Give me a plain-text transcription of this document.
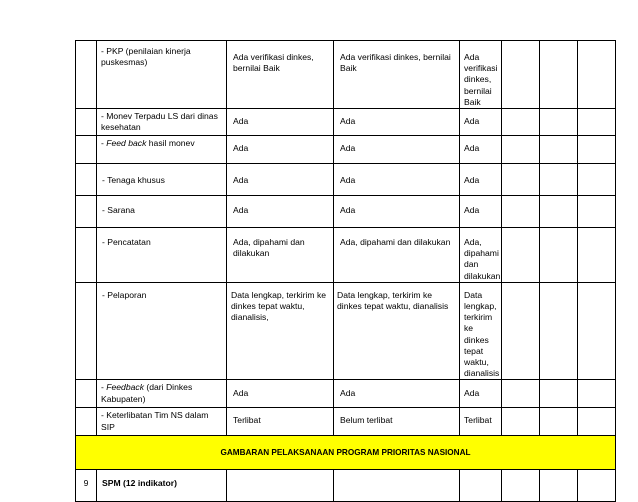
	- PKP (penilaian kinerja puskesmas)	Ada verifikasi dinkes, bernilai Baik	Ada verifikasi dinkes, bernilai Baik	Ada verifikasi dinkes, bernilai Baik			
	- Monev Terpadu LS dari dinas kesehatan	Ada	Ada	Ada			
	- Feed back hasil monev	Ada	Ada	Ada			
	- Tenaga khusus	Ada	Ada	Ada			
	- Sarana	Ada	Ada	Ada			
	- Pencatatan	Ada, dipahami dan dilakukan	Ada, dipahami dan dilakukan	Ada, dipahami dan dilakukan			
	- Pelaporan	Data lengkap, terkirim ke dinkes tepat waktu, dianalisis,	Data lengkap, terkirim ke dinkes tepat waktu, dianalisis	Data lengkap, terkirim ke dinkes tepat waktu, dianalisis			
	- Feedback (dari Dinkes Kabupaten)	Ada	Ada	Ada			
	- Keterlibatan Tim NS dalam SIP	Terlibat	Belum terlibat	Terlibat			
GAMBARAN PELAKSANAAN PROGRAM PRIORITAS NASIONAL							
9	SPM (12 indikator)						
